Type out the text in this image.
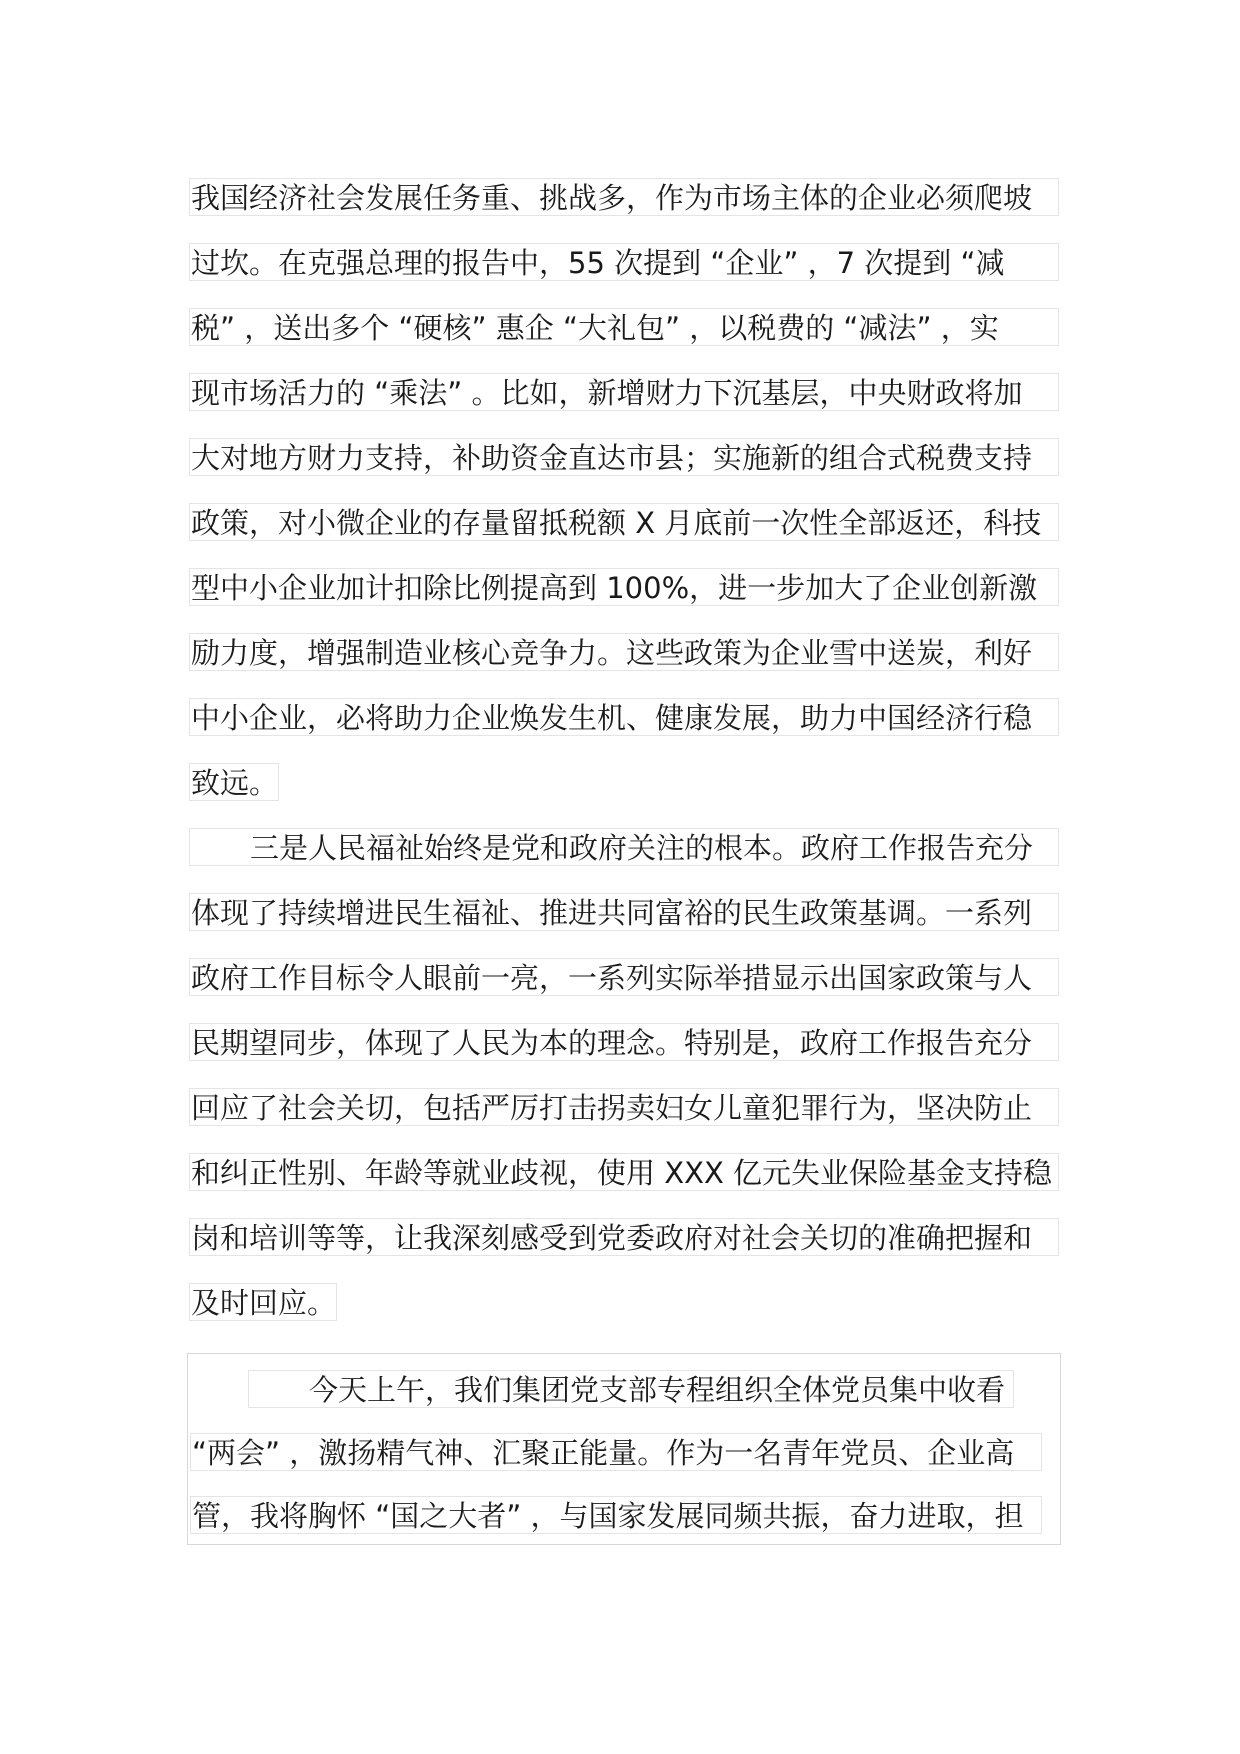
我国经济社会发展任务重、挑战多，作为市场主体的企业必须爬坡
过坎。在克强总理的报告中，55 次提到 “企业” ，7 次提到 “减
税” ，送出多个 “硬核” 惠企 “大礼包” ，以税费的 “减法” ，实
现市场活力的 “乘法” 。比如，新增财力下沉基层，中央财政将加
大对地方财力支持，补助资金直达市县；实施新的组合式税费支持
政策，对小微企业的存量留抵税额 X 月底前一次性全部返还，科技
型中小企业加计扣除比例提高到 100%，进一步加大了企业创新激
励力度，增强制造业核心竞争力。这些政策为企业雪中送炭，利好
中小企业，必将助力企业焕发生机、健康发展，助力中国经济行稳
致远。
三是人民福祉始终是党和政府关注的根本。政府工作报告充分
体现了持续增进民生福祉、推进共同富裕的民生政策基调。一系列
政府工作目标令人眼前一亮，一系列实际举措显示出国家政策与人
民期望同步，体现了人民为本的理念。特别是，政府工作报告充分
回应了社会关切，包括严厉打击拐卖妇女儿童犯罪行为，坚决防止
和纠正性别、年龄等就业歧视，使用 XXX 亿元失业保险基金支持稳
岗和培训等等，让我深刻感受到党委政府对社会关切的准确把握和
及时回应。
今天上午，我们集团党支部专程组织全体党员集中收看
“两会” ，激扬精气神、汇聚正能量。作为一名青年党员、企业高
管，我将胸怀 “国之大者” ，与国家发展同频共振，奋力进取，担
